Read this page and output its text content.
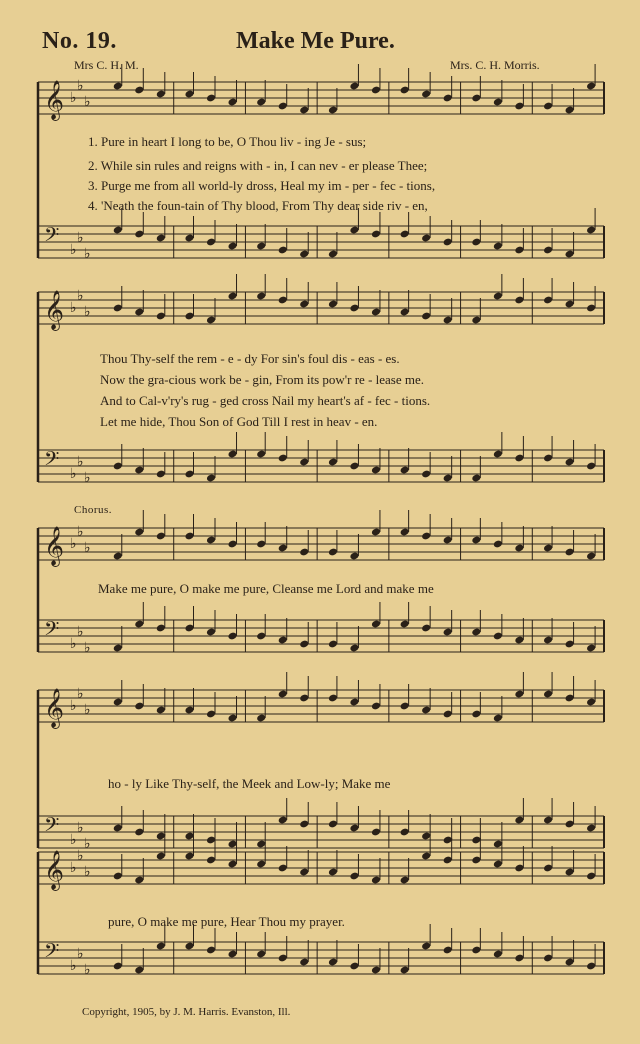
No. 19.	Make Me Pure.
Mrs C. H. M.	Mrs. C. H. Morris.
𝄞 ♭
♭
♭
𝄢 ♭
♭
♭
𝄞 ♭
♭
♭
𝄢 ♭
♭
♭
𝄞 ♭
♭
♭
𝄢 ♭
♭
♭
𝄞 ♭
♭
♭
𝄢 ♭
♭
♭
𝄞 ♭
♭
♭
𝄢 ♭
♭
♭
1. Pure in heart I long to be, O Thou liv - ing Je - sus;
2. While sin rules and reigns with - in, I can nev - er please Thee;
3. Purge me from all world-ly dross, Heal my im - per - fec - tions,
4. 'Neath the foun-tain of Thy blood, From Thy dear side riv - en,
Thou Thy-self the rem - e - dy For sin's foul dis - eas - es.
Now the gra-cious work be - gin, From its pow'r re - lease me.
And to Cal-v'ry's rug - ged cross Nail my heart's af - fec - tions.
Let me hide, Thou Son of God Till I rest in heav - en.
Chorus.
Make me pure, O make me pure, Cleanse me Lord and make me
ho - ly Like Thy-self, the Meek and Low-ly; Make me
pure, O make me pure, Hear Thou my prayer.
Copyright, 1905, by J. M. Harris. Evanston, Ill.
